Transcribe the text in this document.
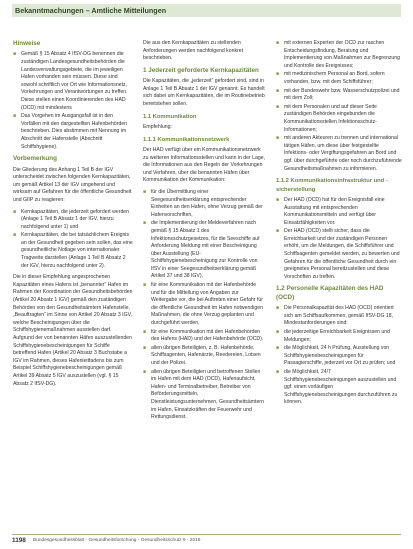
Bekanntmachungen – Amtliche Mitteilungen
Hinweise
■ Gemäß § 15 Absatz 4 IfSV-DG benennen die zuständigen Landesgesundheitsbehörden die Landesverwaltungsgebiete, die im jeweiligen Hafen vorhanden sein müssen. Diese sind sowohl schriftlich vor Ort wie Informationsnetz, Vorkehrungen und Verantwortungen zu treffen. Diese stellen einen Koordinierenden des HAD (OCD) mit mindestens
■ Das Vorgehen im Ausgangsfall ist in den Vorfällen mit den dargestellten Hafenbehörden beschrieben. Dies abstimmen mit Nennung im Abschnitt der Hafenstelle (Abschnitt Schiffshygiene).
Vorbemerkung

Die Gliederung des Anhang 1 Teil B der IGV unterscheidet zwischen folgenden Kernkapazitäten, um gemäß Artikel 13 der IGV umgehend und wirksam auf Gefahren für die öffentliche Gesundheit und GIIP zu reagieren:

■ Kernkapazitäten, die jederzeit gefordert werden (Anlage 1 Teil B Absatz 1 der IGV, hierzu nachfolgend unter 1) und
■ Kernkapazitäten, die bei tatsächlichem Ereignis an der Gesundheit gegeben sein sollen, das eine gesundheitliche Notlage von internationaler Tragweite darstellen (Anlage 1 Teil B Absatz 2 der IGV, hierzu nachfolgend unter 2).

Die in dieser Empfehlung angesprochenen Kapazitäten eines Hafens ist „benannter“ Hafen im Rahmen der Koordination der Gesundheitsbehörden (Artikel 20 Absatz 1 IGV) gemäß den zuständigen Behörden von den Gesundheitsämtern Hafenstelle, „Beauftragten“ im Sinne von Artikel 20 Absatz 3 IGV, welche Bescheinigungen über die Schiffshygienemaßnahmen ausstellen darf. Aufgrund der von benannten Häfen auszustellenden Schiffshygienebescheinigungen für Schiffe betreffend Hafen (Artikel 20 Absatz 3 Buchstabe a IGV im Rahmen, dieses Hafenleitfadens bis zum Beispiel Schiffshygienebescheinigungen gemäß Artikel 39 Absatz 5 IGV auszustellen (vgl. § 15 Absatz 2 IfSV-DG).

Die aus den Kernkapazitäten zu stellenden Anforderungen werden nachfolgend konkret beschrieben.

1 Jederzeit geforderte Kernkapazitäten

Die Kapazitäten, die „jederzeit“ gefordert sind, sind in Anlage 1 Teil B Absatz 1 der IGV genannt. Es handelt sich dabei um Kernkapazitäten, die im Routinebetrieb bereitstehen sollen.

1.1 Kommunikation

Empfehlung:

1.1.1 Kommunikationsnetzwerk

Der HAD verfügt über ein Kommunikationsnetzwerk zu weiteren Informationsstellen und kann in der Lage, die Informationen aus den Regeln der Vorkehrungen und Verfahren, über die benannten Häfen über Kommunikation der Kommunikation:

■ für die Übermittlung einer Seegesundheitserklärung entsprechender Einheiten an den Hafen, ohne Verzug gemäß der Hafenvorschriften,
■ die Implementierung der Meldeverfahren nach gemäß § 15 Absatz 1 des Infektionsschutzgesetzes, für die Seeschiffe auf Anforderung Meldung mit einer Bescheinigung über Ausstellung (EU-Schiffshygienebescheinigung zur Kontrolle von IfSV in einer Seegesundheitserklärung gemäß Artikel 37 und 38 IGV),
■ für eine Kommunikation mit der Hafenbehörde und für die Mitteilung von Angaben zur Weitergabe vor, die bei Auftreten einer Gefahr für die öffentliche Gesundheit im Hafen notwendigen Maßnahmen, die ohne Verzug geplanten und durchgeführt werden,
■ für eine Kommunikation mit den Hafenbehörden des Hafens (HAD) und der Hafenbehörde (OCD).
■ allen übrigen Beteiligten, z. B. Hafenbehörde, Schiffsagenten, Hafenärzte, Reedereien, Lotsen und der Polizei.
■ allen übrigen Beteiligten und betroffenen Stellen im Hafen mit dem HAD (OCD), Hafenaufsicht, Hafen- und Terminalbetreiber, Betreiber von Beförderungsmitteln, Dienstleistungsunternehmen, Gesundheitsämtern im Hafen, Einsatzkräften der Feuerwehr und Rettungsdienst.
■ mit externen Experten der OCD zur raschen Entscheidungsfindung, Beratung und Implementierung von Maßnahmen zur Begrenzung und Kontrolle des Ereignisses;
■ mit medizinischem Personal an Bord, sofern vorhanden, bzw. mit dem Schiffsführer;
■ mit der Bundeswehr bzw. Wasserschutzpolizei und mit dem Zoll;
■ mit dem Personalen und auf dieser Seite zuständigen Behörden eingebunden die Kommunikationsstellen Infektionsschutz-Informationen;
■ mit anderen Akteuren zu trennen und international tätigen Häfen, um diese über festgestellte Infektions- oder Vergiftungsgefahren an Bord und ggf. über durchgeführte oder noch durchzuführende Gesundheitsmaßnahmen zu informieren.
1.1.2 Kommunikationsinfrastruktur und -sicherstellung
■ Der HAD (OCD) hat für den Ereignisfall eine Ausstattung mit entsprechenden Kommunikationsmitteln und verfügt über Einsatzfähigkeiten vor.
■ Der HAD (OCD) stellt sicher, dass die Erreichbarkeit und der zuständigen Personen erhöht, um die Meldungen, die Schiffsführer und Schiffsagenten gemeldet werden, zu bewerten und Gefahren für die öffentliche Gesundheit durch ein geeignetes Personal bereitzustellen und diese Vorschriften zu treffen.
1.2 Personelle Kapazitäten des HAD (OCD)
■ Die Personalkapazität des HAD (OCD) orientiert sich am Schiffsaufkommen, gemäß IfSV-DG 18, Mindestanforderungen sind:
■ die jederzeitige Erreichbarkeit Ereignissen und Meldungen;
■ die Möglichkeit, 24 h Prüfung, Ausstellung von Schiffshygienebescheinigungen für Passagierschiffe, jederzeit vor Ort zu prüfen; und
■ die Möglichkeit, 24/7 Schiffshygienebescheinigungen auszustellen und ggf. einen vorläufigen Schiffshygienebescheinigungen durchzuführen zu können.
1198 Bundesgesundheitsblatt - Gesundheitsforschung - Gesundheitsschutz 9 · 2019
